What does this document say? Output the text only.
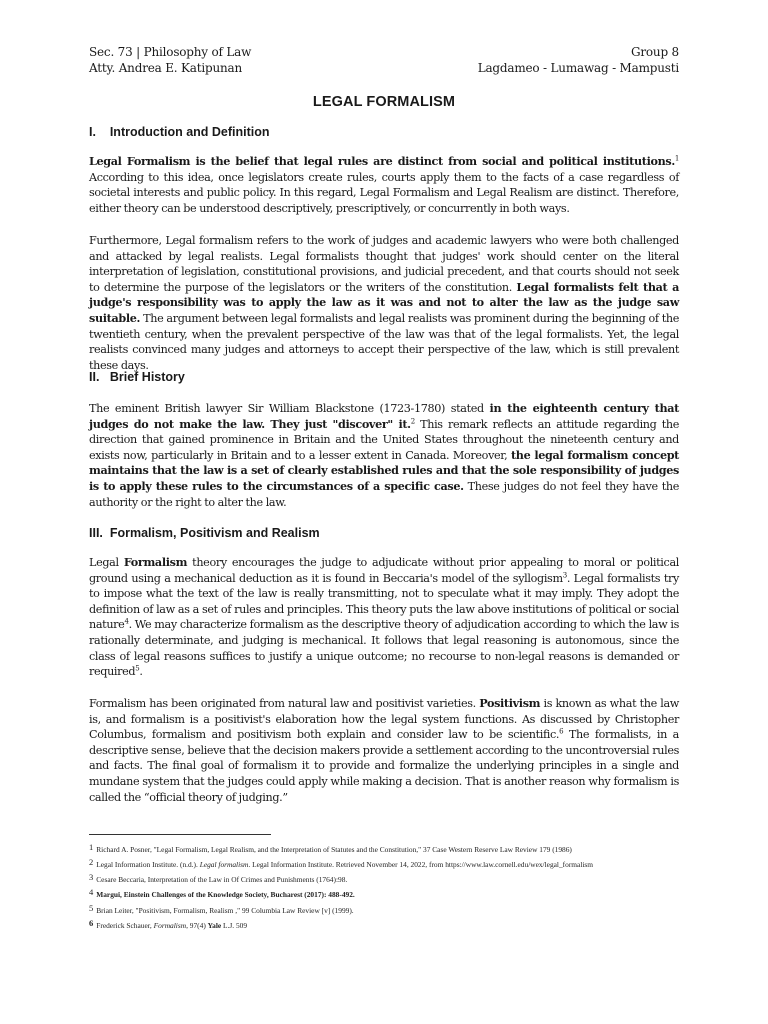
Sec. 73 | Philosophy of Law
Atty. Andrea E. Katipunan
Group 8
Lagdameo - Lumawag - Mampusti
LEGAL FORMALISM
I.    Introduction and Definition
Legal Formalism is the belief that legal rules are distinct from social and political institutions.$^1$ According to this idea, once legislators create rules, courts apply them to the facts of a case regardless of societal interests and public policy. In this regard, Legal Formalism and Legal Realism are distinct. Therefore, either theory can be understood descriptively, prescriptively, or concurrently in both ways.
Furthermore, Legal formalism refers to the work of judges and academic lawyers who were both challenged and attacked by legal realists. Legal formalists thought that judges' work should center on the literal interpretation of legislation, constitutional provisions, and judicial precedent, and that courts should not seek to determine the purpose of the legislators or the writers of the constitution. Legal formalists felt that a judge's responsibility was to apply the law as it was and not to alter the law as the judge saw suitable. The argument between legal formalists and legal realists was prominent during the beginning of the twentieth century, when the prevalent perspective of the law was that of the legal formalists. Yet, the legal realists convinced many judges and attorneys to accept their perspective of the law, which is still prevalent these days.
II.   Brief History
The eminent British lawyer Sir William Blackstone (1723-1780) stated in the eighteenth century that judges do not make the law. They just "discover" it.$^2$ This remark reflects an attitude regarding the direction that gained prominence in Britain and the United States throughout the nineteenth century and exists now, particularly in Britain and to a lesser extent in Canada. Moreover, the legal formalism concept maintains that the law is a set of clearly established rules and that the sole responsibility of judges is to apply these rules to the circumstances of a specific case. These judges do not feel they have the authority or the right to alter the law.
III.  Formalism, Positivism and Realism
Legal Formalism theory encourages the judge to adjudicate without prior appealing to moral or political ground using a mechanical deduction as it is found in Beccaria's model of the syllogism$^3$. Legal formalists try to impose what the text of the law is really transmitting, not to speculate what it may imply. They adopt the definition of law as a set of rules and principles. This theory puts the law above institutions of political or social nature$^4$. We may characterize formalism as the descriptive theory of adjudication according to which the law is rationally determinate, and judging is mechanical. It follows that legal reasoning is autonomous, since the class of legal reasons suffices to justify a unique outcome; no recourse to non-legal reasons is demanded or required$^5$.
Formalism has been originated from natural law and positivist varieties. Positivism is known as what the law is, and formalism is a positivist's elaboration how the legal system functions. As discussed by Christopher Columbus, formalism and positivism both explain and consider law to be scientific.$^6$ The formalists, in a descriptive sense, believe that the decision makers provide a settlement according to the uncontroversial rules and facts. The final goal of formalism it to provide and formalize the underlying principles in a single and mundane system that the judges could apply while making a decision. That is another reason why formalism is called the “official theory of judging.”
1 Richard A. Posner, "Legal Formalism, Legal Realism, and the Interpretation of Statutes and the Constitution," 37 Case Western Reserve Law Review 179 (1986)
2 Legal Information Institute. (n.d.). Legal formalism. Legal Information Institute. Retrieved November 14, 2022, from https://www.law.cornell.edu/wex/legal_formalism
3 Cesare Beccaria, Interpretation of the Law in Of Crimes and Punishments (1764):98.
4 Margui, Einstein Challenges of the Knowledge Society, Bucharest (2017): 488-492.
5 Brian Leiter, "Positivism, Formalism, Realism ," 99 Columbia Law Review [v] (1999).
6 Frederick Schauer, Formalism, 97(4) Yale L.J. 509
